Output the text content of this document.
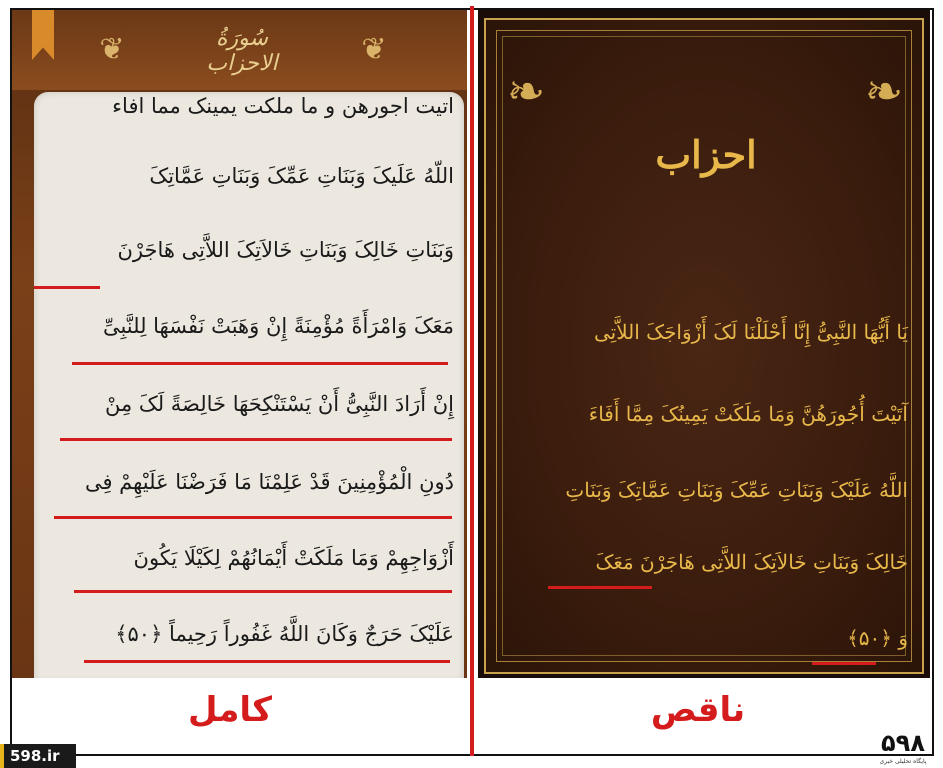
❦	سُورَةُ الاحزاب	❦
اتیت اجورهن و ما ملکت یمینک مما افاء
اللّهُ عَلَیکَ وَبَنَاتِ عَمِّکَ وَبَنَاتِ عَمَّاتِکَ
وَبَنَاتِ خَالِکَ وَبَنَاتِ خَالاَتِکَ اللاَّتِی هَاجَرْنَ
مَعَکَ وَامْرَأَةً مُؤْمِنَةً إِنْ وَهَبَتْ نَفْسَهَا لِلنَّبِیِّ
إِنْ أَرَادَ النَّبِیُّ أَنْ یَسْتَنْکِحَهَا خَالِصَةً لَکَ مِنْ
دُونِ الْمُؤْمِنِینَ قَدْ عَلِمْنَا مَا فَرَضْنَا عَلَیْهِمْ فِی
أَزْوَاجِهِمْ وَمَا مَلَکَتْ أَیْمَانُهُمْ لِکَیْلَا یَکُونَ
عَلَیْکَ حَرَجٌ وَکَانَ اللَّهُ غَفُوراً رَحِیماً ﴿۵۰﴾
❧	❧
احزاب
یَا أَیُّهَا النَّبِیُّ إِنَّا أَحْلَلْنَا لَکَ أَزْوَاجَکَ اللاَّتِی
آتَیْتَ أُجُورَهُنَّ وَمَا مَلَکَتْ یَمِینُکَ مِمَّا أَفَاءَ
اللَّهُ عَلَیْکَ وَبَنَاتِ عَمِّکَ وَبَنَاتِ عَمَّاتِکَ وَبَنَاتِ
خَالِکَ وَبَنَاتِ خَالاَتِکَ اللاَّتِی هَاجَرْنَ مَعَکَ
وَ ﴿۵۰﴾
کامل	ناقص
598.ir	۵۹۸
پایگاه تحلیلی خبری
